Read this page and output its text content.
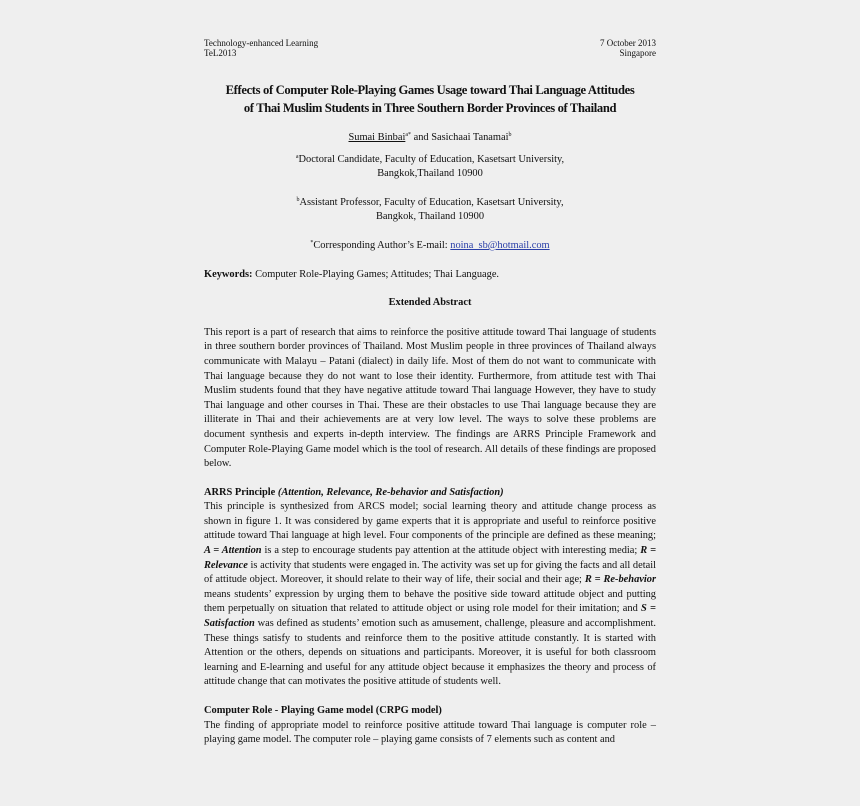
Technology-enhanced Learning
TeL2013
7 October 2013
Singapore
Effects of Computer Role-Playing Games Usage toward Thai Language Attitudes
of Thai Muslim Students in Three Southern Border Provinces of Thailand
Sumai Binbai$^{a*}$ and Sasichaai Tanamai$^b$
$^a$Doctoral Candidate, Faculty of Education, Kasetsart University,
Bangkok,Thailand 10900
$^b$Assistant Professor, Faculty of Education, Kasetsart University,
Bangkok, Thailand 10900
*Corresponding Author’s E-mail: noina_sb@hotmail.com
Keywords: Computer Role-Playing Games; Attitudes; Thai Language.
Extended Abstract
This report is a part of research that aims to reinforce the positive attitude toward Thai language of students in three southern border provinces of Thailand. Most Muslim people in three provinces of Thailand always communicate with Malayu – Patani (dialect) in daily life. Most of them do not want to communicate with Thai language because they do not want to lose their identity. Furthermore, from attitude test with Thai Muslim students found that they have negative attitude toward Thai language However, they have to study Thai language and other courses in Thai. These are their obstacles to use Thai language because they are illiterate in Thai and their achievements are at very low level. The ways to solve these problems are document synthesis and experts in-depth interview. The findings are ARRS Principle Framework and Computer Role-Playing Game model which is the tool of research. All details of these findings are proposed below.
ARRS Principle (Attention, Relevance, Re-behavior and Satisfaction)
This principle is synthesized from ARCS model; social learning theory and attitude change process as shown in figure 1. It was considered by game experts that it is appropriate and useful to reinforce positive attitude toward Thai language at high level. Four components of the principle are defined as these meaning; A = Attention is a step to encourage students pay attention at the attitude object with interesting media; R = Relevance is activity that students were engaged in. The activity was set up for giving the facts and all detail of attitude object. Moreover, it should relate to their way of life, their social and their age; R = Re-behavior means students’ expression by urging them to behave the positive side toward attitude object and putting them perpetually on situation that related to attitude object or using role model for their imitation; and S = Satisfaction was defined as students’ emotion such as amusement, challenge, pleasure and accomplishment. These things satisfy to students and reinforce them to the positive attitude constantly. It is started with Attention or the others, depends on situations and participants. Moreover, it is useful for both classroom learning and E-learning and useful for any attitude object because it emphasizes the theory and process of attitude change that can motivates the positive attitude of students well.
Computer Role - Playing Game model (CRPG model)
The finding of appropriate model to reinforce positive attitude toward Thai language is computer role – playing game model. The computer role – playing game consists of 7 elements such as content and
